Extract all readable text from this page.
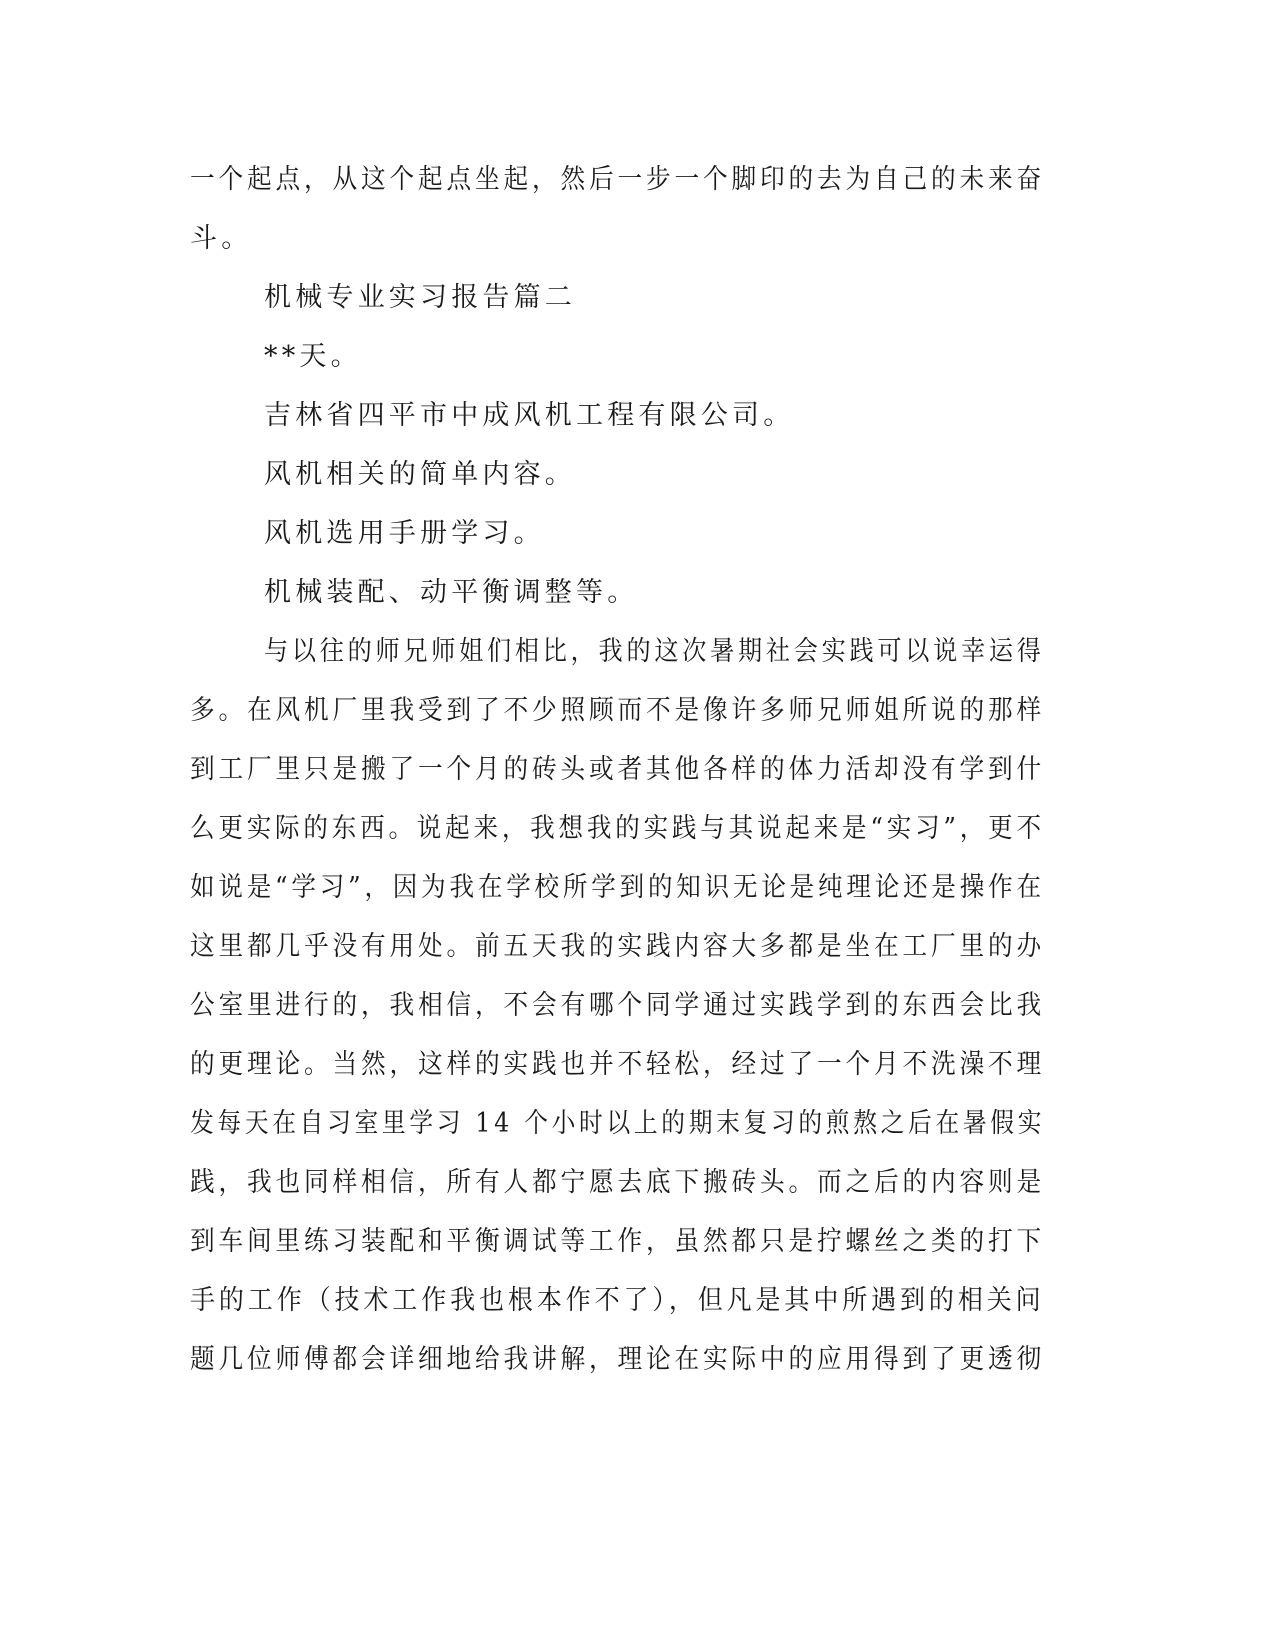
一个起点，从这个起点坐起，然后一步一个脚印的去为自己的未来奋
斗。
机械专业实习报告篇二
**天。
吉林省四平市中成风机工程有限公司。
风机相关的简单内容。
风机选用手册学习。
机械装配、动平衡调整等。
与以往的师兄师姐们相比，我的这次暑期社会实践可以说幸运得
多。在风机厂里我受到了不少照顾而不是像许多师兄师姐所说的那样
到工厂里只是搬了一个月的砖头或者其他各样的体力活却没有学到什
么更实际的东西。说起来，我想我的实践与其说起来是“实习”，更不
如说是“学习”，因为我在学校所学到的知识无论是纯理论还是操作在
这里都几乎没有用处。前五天我的实践内容大多都是坐在工厂里的办
公室里进行的，我相信，不会有哪个同学通过实践学到的东西会比我
的更理论。当然，这样的实践也并不轻松，经过了一个月不洗澡不理
发每天在自习室里学习 14 个小时以上的期末复习的煎熬之后在暑假实
践，我也同样相信，所有人都宁愿去底下搬砖头。而之后的内容则是
到车间里练习装配和平衡调试等工作，虽然都只是拧螺丝之类的打下
手的工作（技术工作我也根本作不了），但凡是其中所遇到的相关问
题几位师傅都会详细地给我讲解，理论在实际中的应用得到了更透彻
